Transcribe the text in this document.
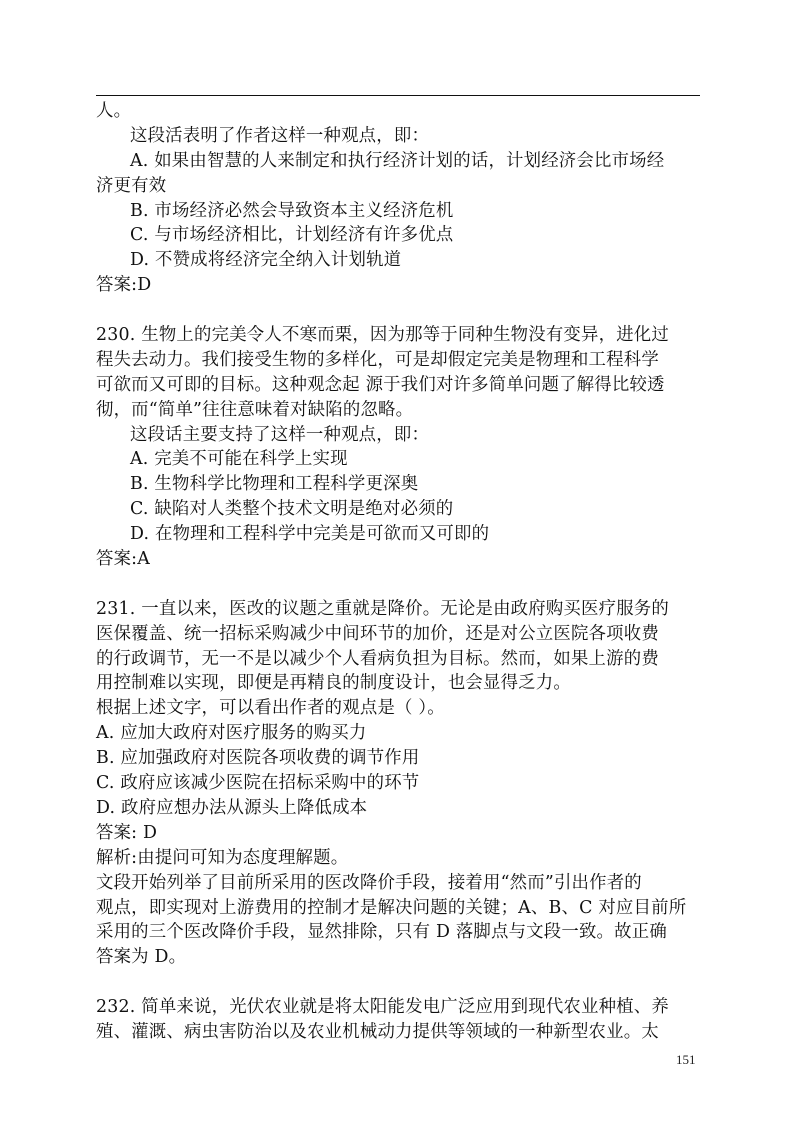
人。
这段活表明了作者这样一种观点，即：
A. 如果由智慧的人来制定和执行经济计划的话，计划经济会比市场经
济更有效
B. 市场经济必然会导致资本主义经济危机
C. 与市场经济相比，计划经济有许多优点
D. 不赞成将经济完全纳入计划轨道
答案:D
230. 生物上的完美令人不寒而栗，因为那等于同种生物没有变异，进化过
程失去动力。我们接受生物的多样化，可是却假定完美是物理和工程科学
可欲而又可即的目标。这种观念起 源于我们对许多简单问题了解得比较透
彻，而“简单”往往意味着对缺陷的忽略。
这段话主要支持了这样一种观点，即：
A. 完美不可能在科学上实现
B. 生物科学比物理和工程科学更深奥
C. 缺陷对人类整个技术文明是绝对必须的
D. 在物理和工程科学中完美是可欲而又可即的
答案:A
231. 一直以来，医改的议题之重就是降价。无论是由政府购买医疗服务的
医保覆盖、统一招标采购减少中间环节的加价，还是对公立医院各项收费
的行政调节，无一不是以减少个人看病负担为目标。然而，如果上游的费
用控制难以实现，即便是再精良的制度设计，也会显得乏力。
根据上述文字，可以看出作者的观点是（ ）。
A. 应加大政府对医疗服务的购买力
B. 应加强政府对医院各项收费的调节作用
C. 政府应该减少医院在招标采购中的环节
D. 政府应想办法从源头上降低成本
答案: D
解析:由提问可知为态度理解题。
文段开始列举了目前所采用的医改降价手段，接着用“然而”引出作者的
观点，即实现对上游费用的控制才是解决问题的关键；A、B、C 对应目前所
采用的三个医改降价手段，显然排除，只有 D 落脚点与文段一致。故正确
答案为 D。
232. 简单来说，光伏农业就是将太阳能发电广泛应用到现代农业种植、养
殖、灌溉、病虫害防治以及农业机械动力提供等领域的一种新型农业。太
151
